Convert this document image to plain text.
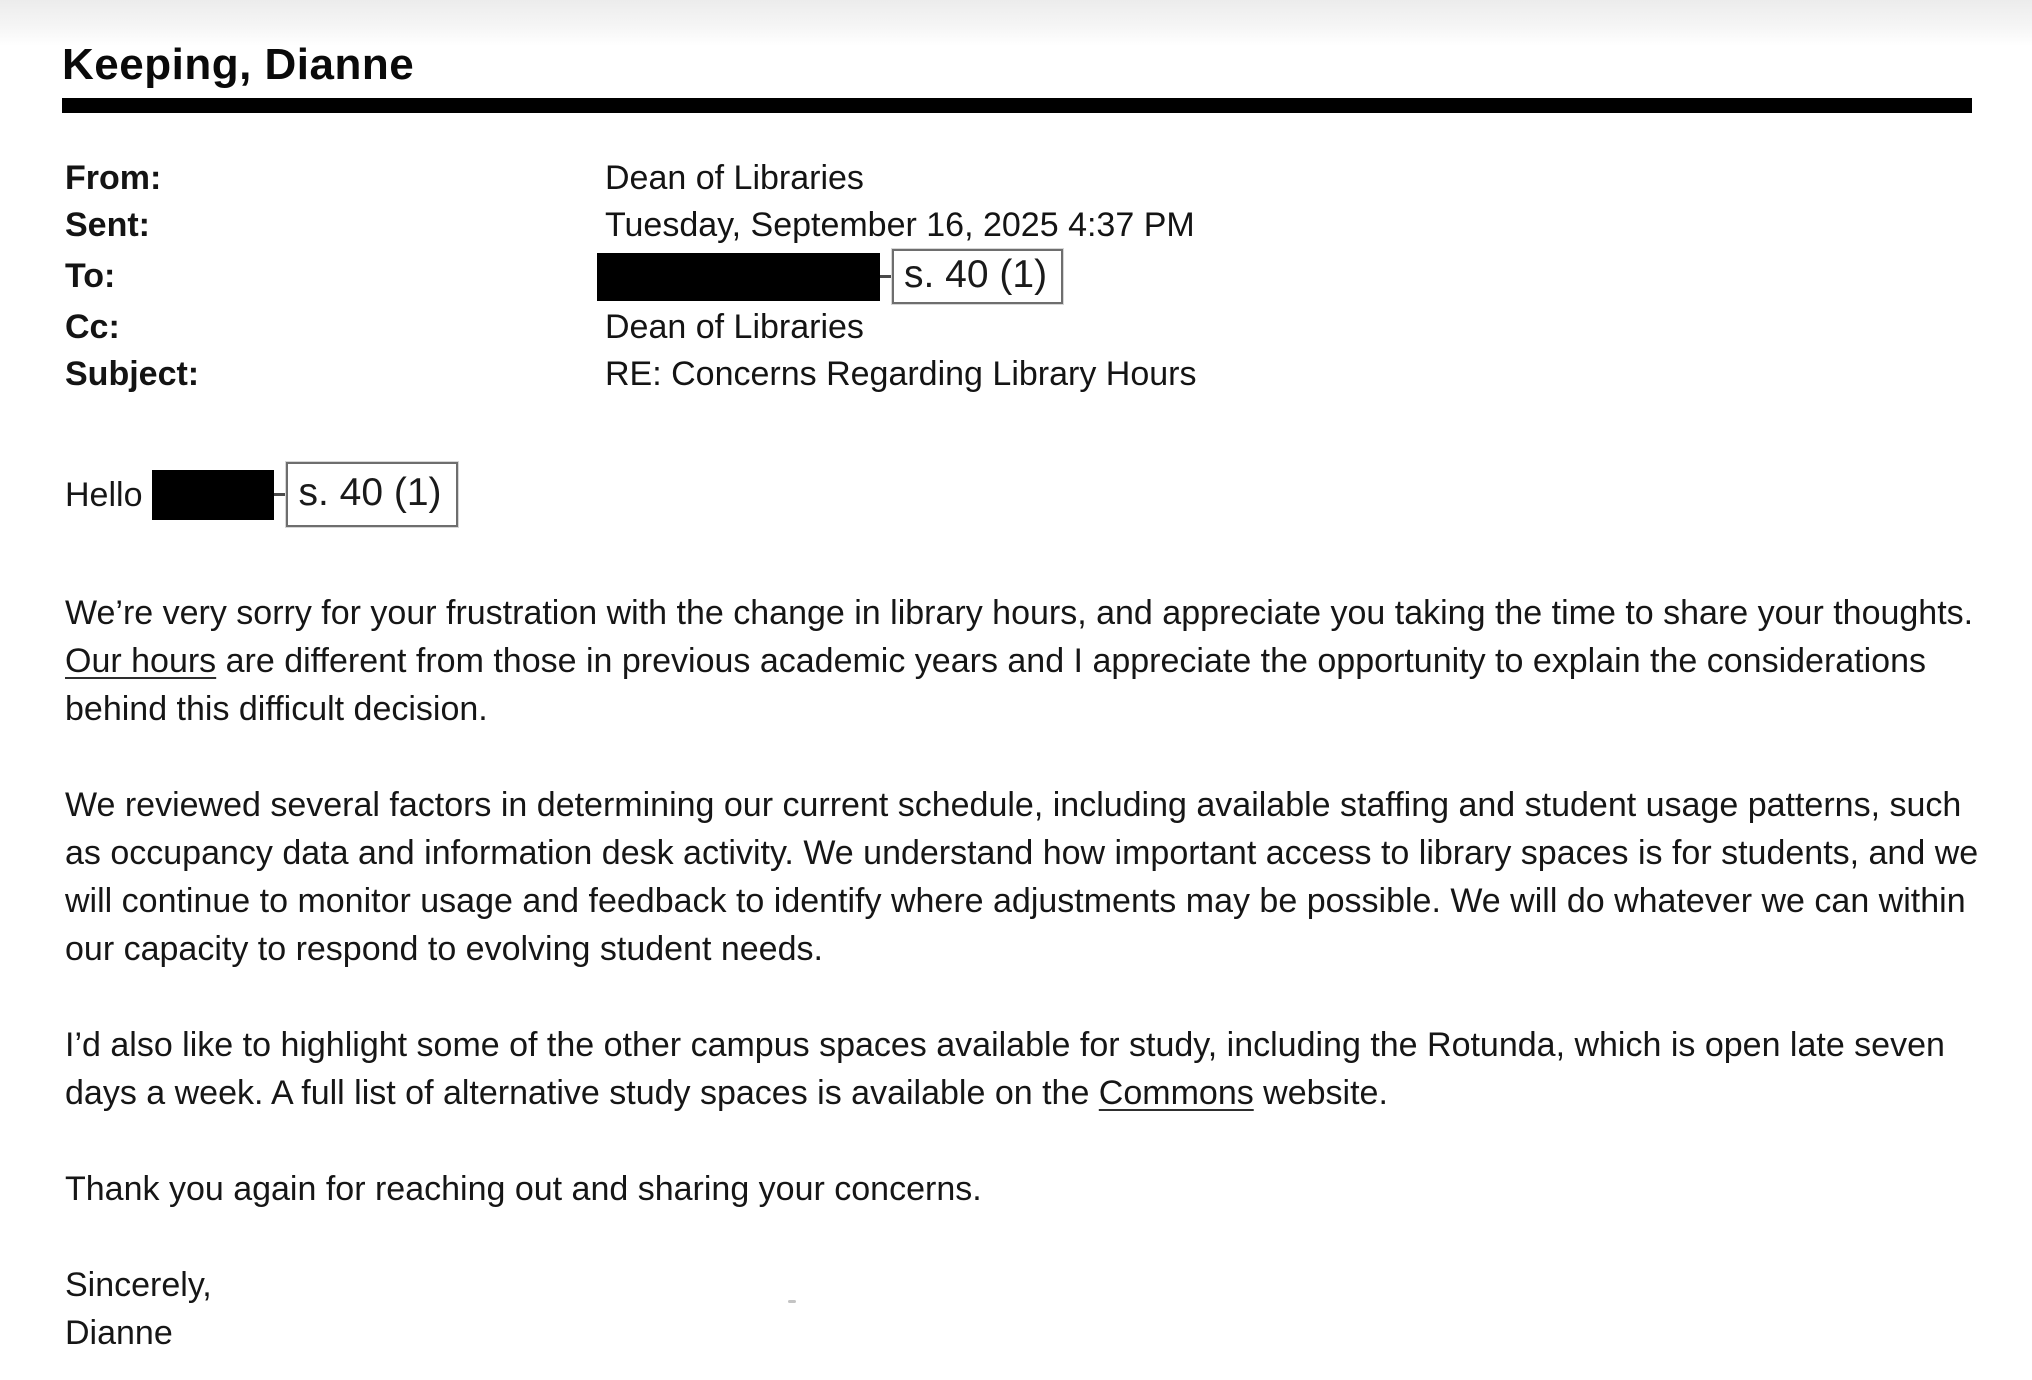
Keeping, Dianne
From:	Dean of Libraries
Sent:	Tuesday, September 16, 2025 4:37 PM
To:	s. 40 (1)
Cc:	Dean of Libraries
Subject:	RE: Concerns Regarding Library Hours
Hello	s. 40 (1)

We’re very sorry for your frustration with the change in library hours, and appreciate you taking the time to share your thoughts. Our hours are different from those in previous academic years and I appreciate the opportunity to explain the considerations behind this difficult decision.

We reviewed several factors in determining our current schedule, including available staffing and student usage patterns, such as occupancy data and information desk activity. We understand how important access to library spaces is for students, and we will continue to monitor usage and feedback to identify where adjustments may be possible. We will do whatever we can within our capacity to respond to evolving student needs.

I’d also like to highlight some of the other campus spaces available for study, including the Rotunda, which is open late seven days a week. A full list of alternative study spaces is available on the Commons website.

Thank you again for reaching out and sharing your concerns.

Sincerely,

Dianne
